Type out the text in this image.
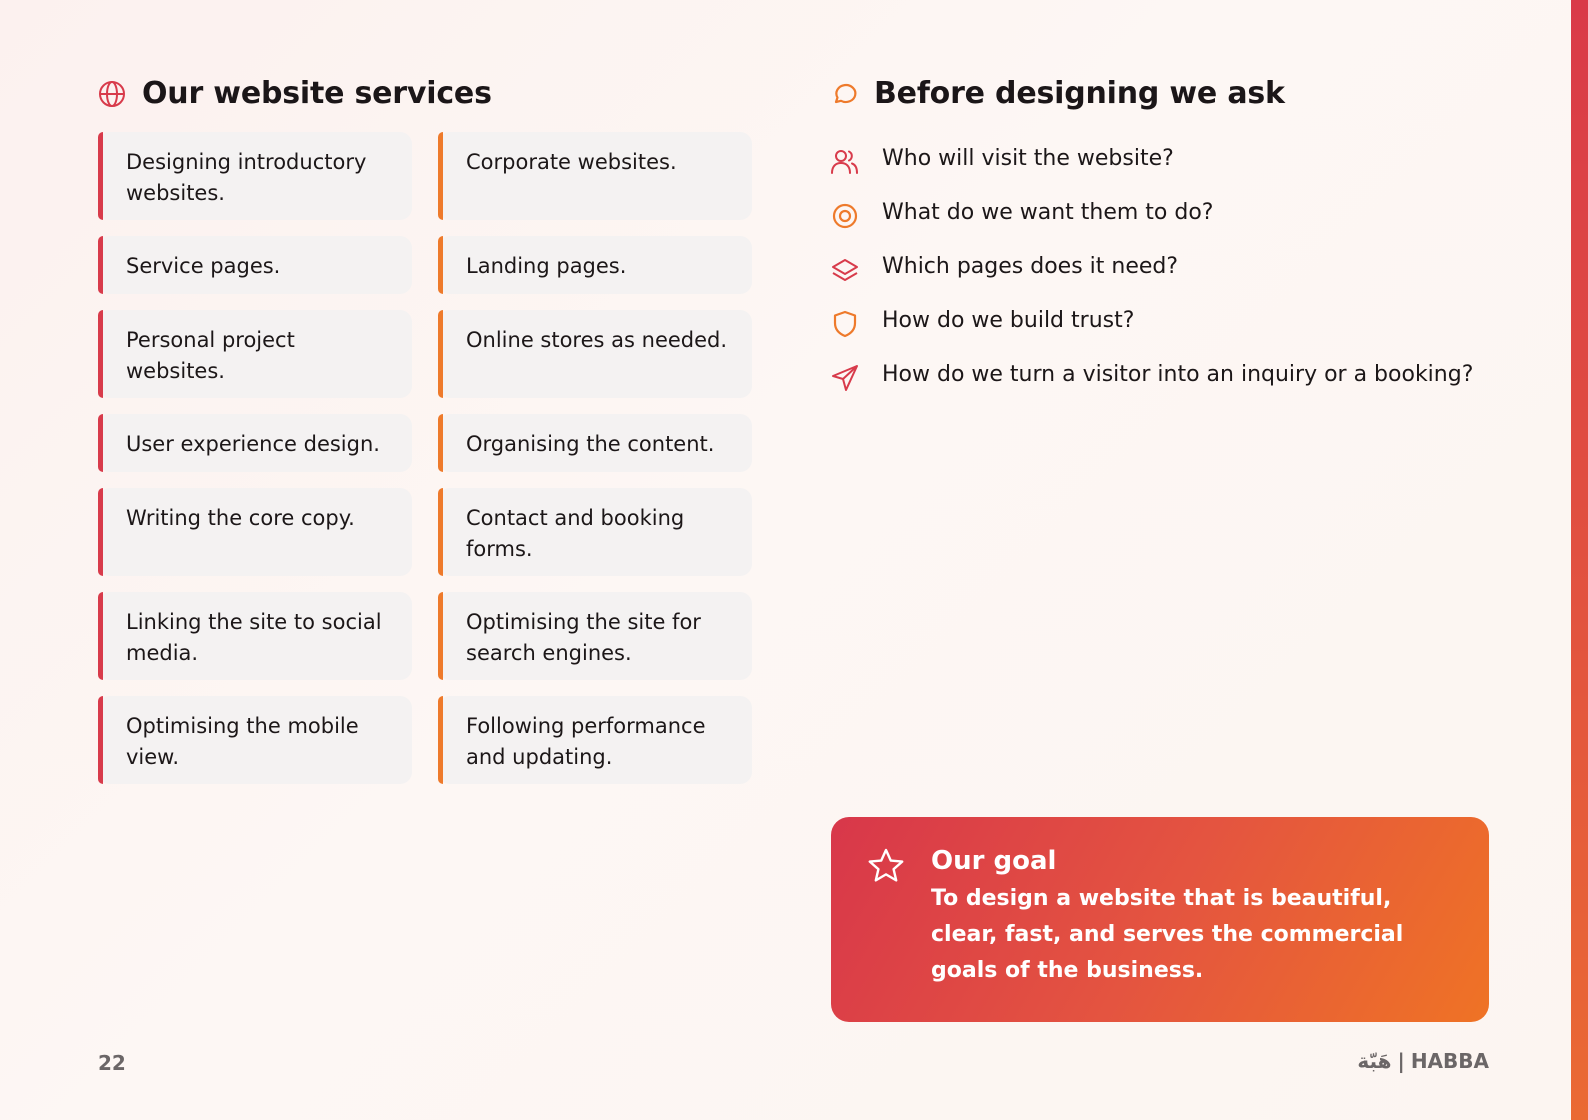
Our website services
Designing introductory websites.
Corporate websites.
Service pages.	Landing pages.
Personal project websites.
Online stores as needed.
User experience design.	Organising the content.
Writing the core copy.	Contact and booking forms.
Linking the site to social media.
Optimising the site for search engines.
Optimising the mobile view.
Following performance and updating.
Before designing we ask
Who will visit the website?
What do we want them to do?
Which pages does it need?
How do we build trust?
How do we turn a visitor into an inquiry or a booking?
Our goal
To design a website that is beautiful, clear, fast, and serves the commercial goals of the business.
22	هَبّة | HABBA
